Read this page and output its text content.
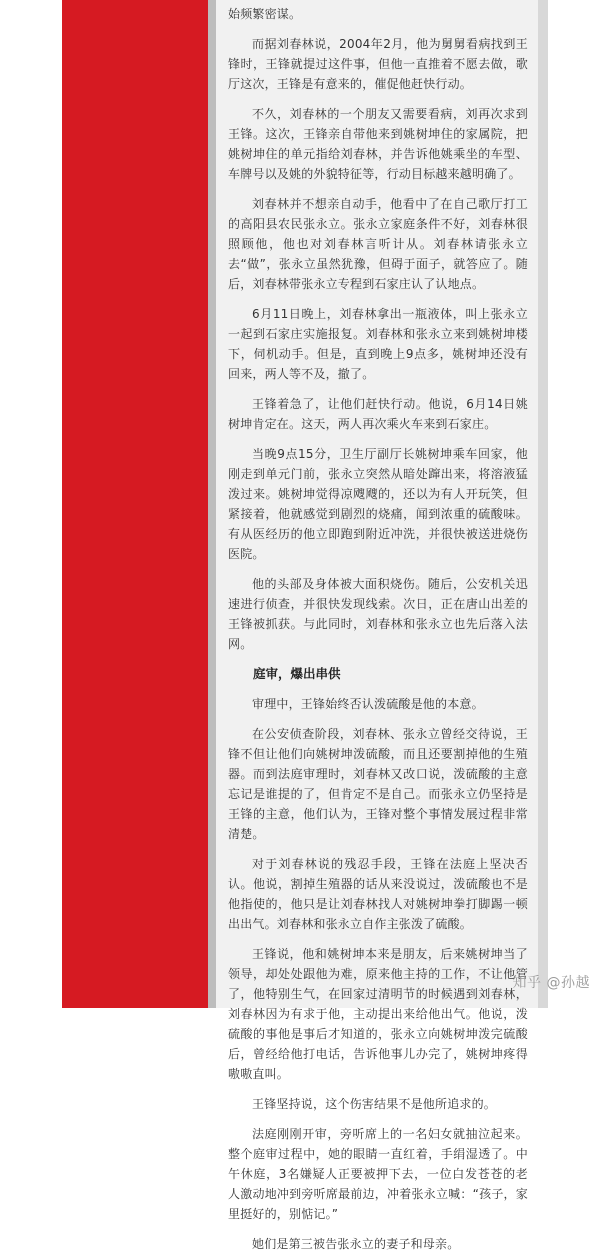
始频繁密谋。

而据刘春林说，2004年2月，他为舅舅看病找到王锋时，王锋就提过这件事，但他一直推着不愿去做，歌厅这次，王锋是有意来的，催促他赶快行动。

不久，刘春林的一个朋友又需要看病，刘再次求到王锋。这次，王锋亲自带他来到姚树坤住的家属院，把姚树坤住的单元指给刘春林，并告诉他姚乘坐的车型、车牌号以及姚的外貌特征等，行动目标越来越明确了。

刘春林并不想亲自动手，他看中了在自己歌厅打工的高阳县农民张永立。张永立家庭条件不好，刘春林很照顾他，他也对刘春林言听计从。刘春林请张永立去“做”，张永立虽然犹豫，但碍于面子，就答应了。随后，刘春林带张永立专程到石家庄认了认地点。

6月11日晚上，刘春林拿出一瓶液体，叫上张永立一起到石家庄实施报复。刘春林和张永立来到姚树坤楼下，伺机动手。但是，直到晚上9点多，姚树坤还没有回来，两人等不及，撤了。

王锋着急了，让他们赶快行动。他说，6月14日姚树坤肯定在。这天，两人再次乘火车来到石家庄。

当晚9点15分，卫生厅副厅长姚树坤乘车回家，他刚走到单元门前，张永立突然从暗处蹿出来，将溶液猛泼过来。姚树坤觉得凉飕飕的，还以为有人开玩笑，但紧接着，他就感觉到剧烈的烧痛，闻到浓重的硫酸味。有从医经历的他立即跑到附近冲洗，并很快被送进烧伤医院。

他的头部及身体被大面积烧伤。随后，公安机关迅速进行侦查，并很快发现线索。次日，正在唐山出差的王锋被抓获。与此同时，刘春林和张永立也先后落入法网。

庭审，爆出串供

审理中，王锋始终否认泼硫酸是他的本意。

在公安侦查阶段，刘春林、张永立曾经交待说，王锋不但让他们向姚树坤泼硫酸，而且还要割掉他的生殖器。而到法庭审理时，刘春林又改口说，泼硫酸的主意忘记是谁提的了，但肯定不是自己。而张永立仍坚持是王锋的主意，他们认为，王锋对整个事情发展过程非常清楚。

对于刘春林说的残忍手段，王锋在法庭上坚决否认。他说，割掉生殖器的话从来没说过，泼硫酸也不是他指使的，他只是让刘春林找人对姚树坤拳打脚踢一顿出出气。刘春林和张永立自作主张泼了硫酸。

王锋说，他和姚树坤本来是朋友，后来姚树坤当了领导，却处处跟他为难，原来他主持的工作，不让他管了，他特别生气，在回家过清明节的时候遇到刘春林，刘春林因为有求于他，主动提出来给他出气。他说，泼硫酸的事他是事后才知道的，张永立向姚树坤泼完硫酸后，曾经给他打电话，告诉他事儿办完了，姚树坤疼得嗷嗷直叫。

王锋坚持说，这个伤害结果不是他所追求的。

法庭刚刚开审，旁听席上的一名妇女就抽泣起来。整个庭审过程中，她的眼睛一直红着，手绢湿透了。中午休庭，3名嫌疑人正要被押下去，一位白发苍苍的老人激动地冲到旁听席最前边，冲着张永立喊：“孩子，家里挺好的，别惦记。”

她们是第三被告张永立的妻子和母亲。

知乎 @孙越
